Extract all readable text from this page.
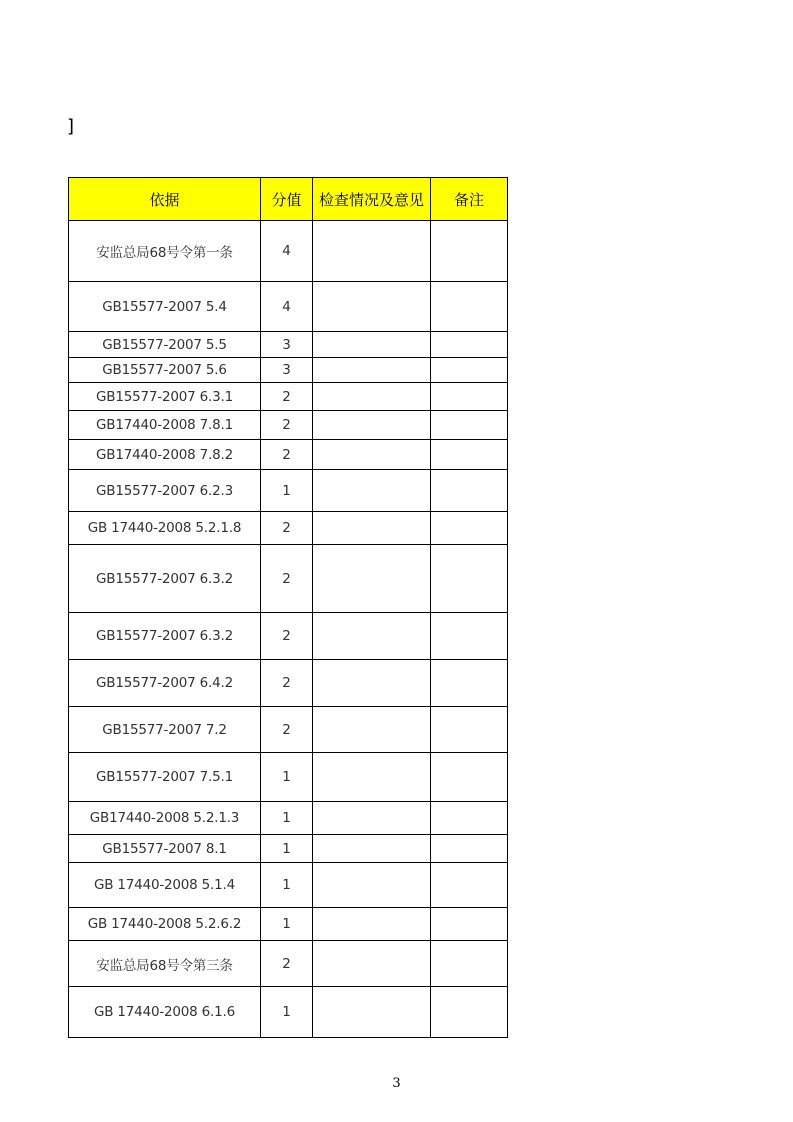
]
依据	分值	检查情况及意见	备注
安监总局68号令第一条	4		
GB15577-2007 5.4	4		
GB15577-2007 5.5	3		
GB15577-2007 5.6	3		
GB15577-2007 6.3.1	2		
GB17440-2008 7.8.1	2		
GB17440-2008 7.8.2	2		
GB15577-2007 6.2.3	1		
GB 17440-2008 5.2.1.8	2		
GB15577-2007 6.3.2	2		
GB15577-2007 6.3.2	2		
GB15577-2007 6.4.2	2		
GB15577-2007 7.2	2		
GB15577-2007 7.5.1	1		
GB17440-2008 5.2.1.3	1		
GB15577-2007 8.1	1		
GB 17440-2008 5.1.4	1		
GB 17440-2008 5.2.6.2	1		
安监总局68号令第三条	2		
GB 17440-2008 6.1.6	1		
3
